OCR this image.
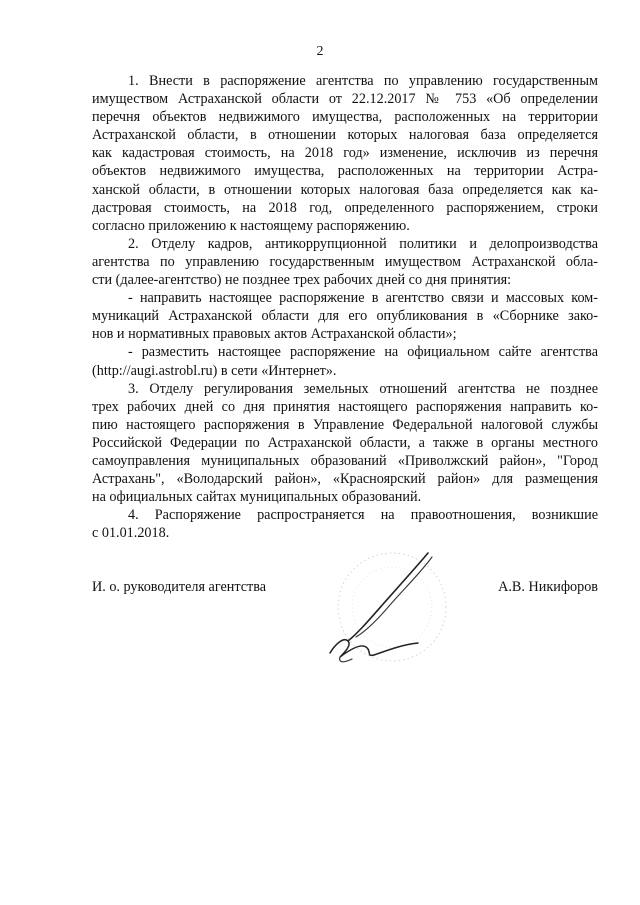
2
1. Внести в распоряжение агентства по управлению государственным
имуществом Астраханской области от 22.12.2017 № 753 «Об определении
перечня объектов недвижимого имущества, расположенных на территории
Астраханской области, в отношении которых налоговая база определяется
как кадастровая стоимость, на 2018 год» изменение, исключив из перечня
объектов недвижимого имущества, расположенных на территории Астра-
ханской области, в отношении которых налоговая база определяется как ка-
дастровая стоимость, на 2018 год, определенного распоряжением, строки
согласно приложению к настоящему распоряжению.
2. Отделу кадров, антикоррупционной политики и делопроизводства
агентства по управлению государственным имуществом Астраханской обла-
сти (далее-агентство) не позднее трех рабочих дней со дня принятия:
- направить настоящее распоряжение в агентство связи и массовых ком-
муникаций Астраханской области для его опубликования в «Сборнике зако-
нов и нормативных правовых актов Астраханской области»;
- разместить настоящее распоряжение на официальном сайте агентства
(http://augi.astrobl.ru) в сети «Интернет».
3. Отделу регулирования земельных отношений агентства не позднее
трех рабочих дней со дня принятия настоящего распоряжения направить ко-
пию настоящего распоряжения в Управление Федеральной налоговой службы
Российской Федерации по Астраханской области, а также в органы местного
самоуправления муниципальных образований «Приволжский район», "Город
Астрахань", «Володарский район», «Красноярский район» для размещения
на официальных сайтах муниципальных образований.
4. Распоряжение распространяется на правоотношения, возникшие
с 01.01.2018.
И. о. руководителя агентства	А.В. Никифоров
